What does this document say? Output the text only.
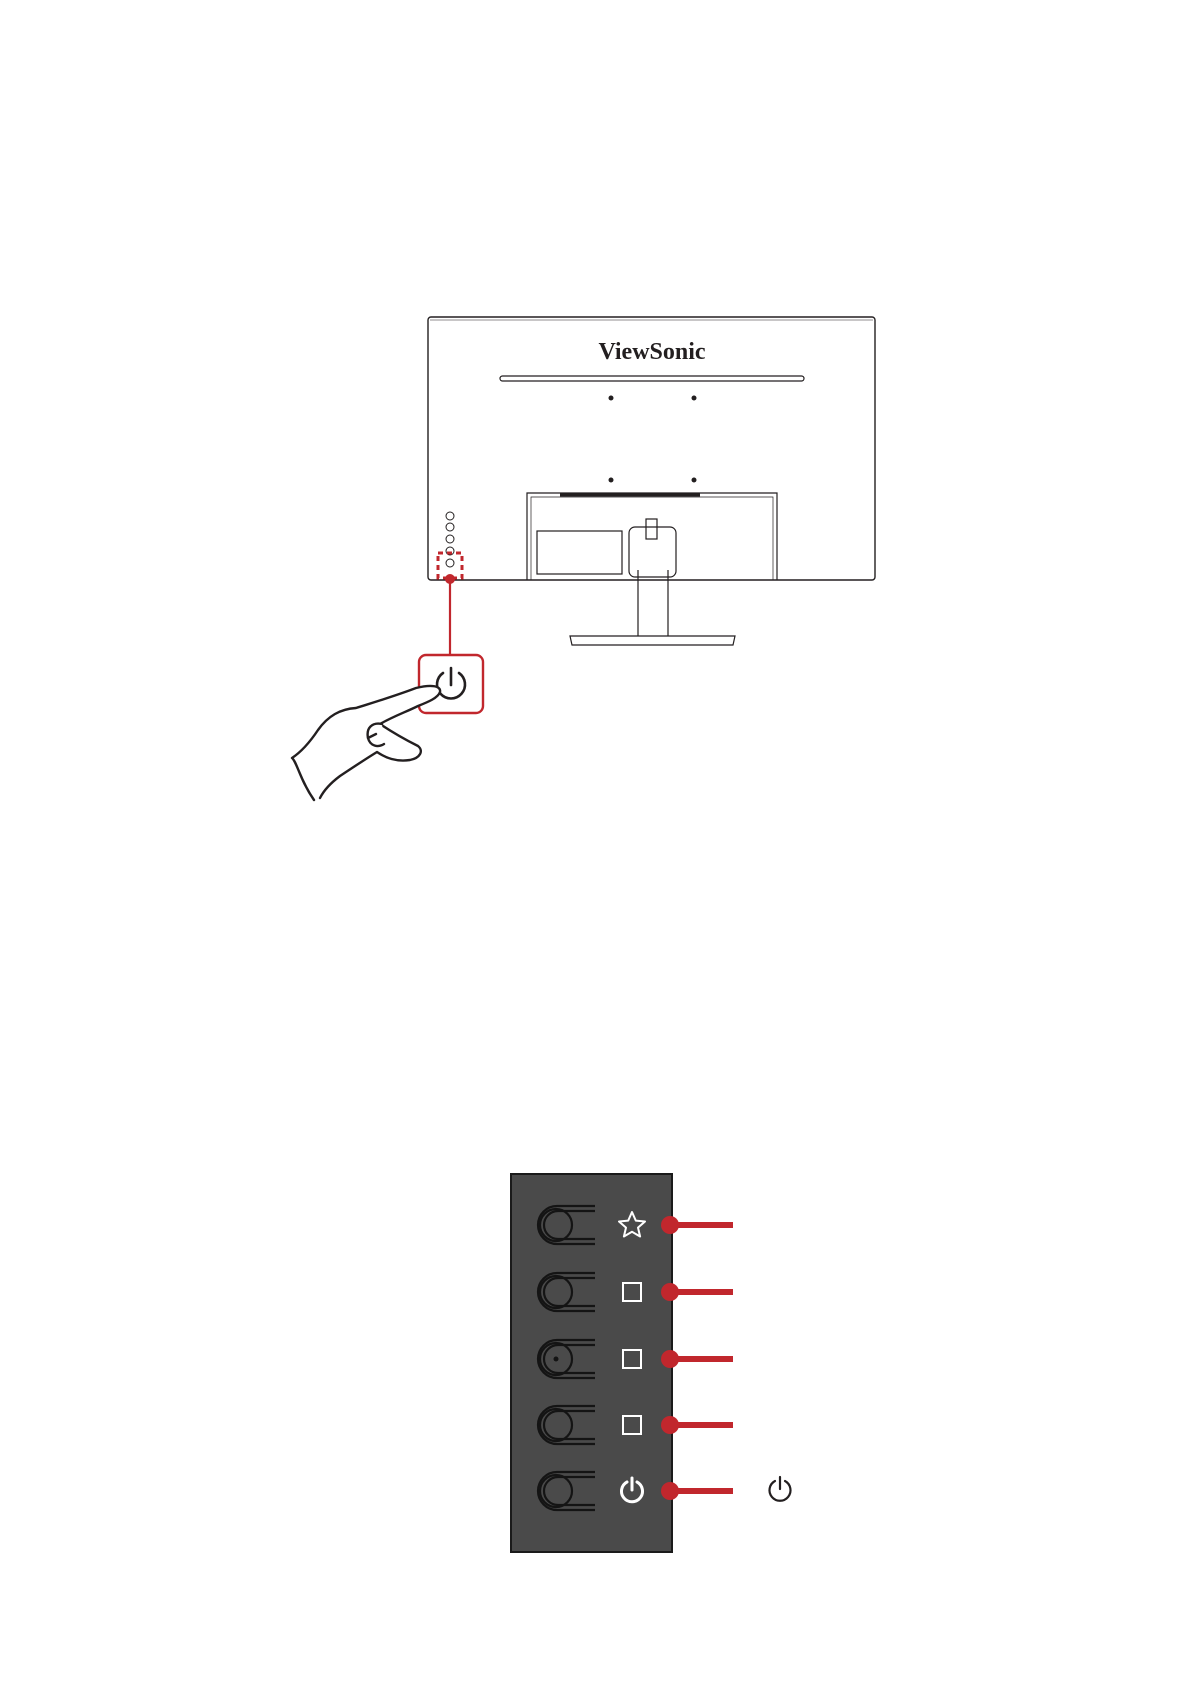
ViewSonic
